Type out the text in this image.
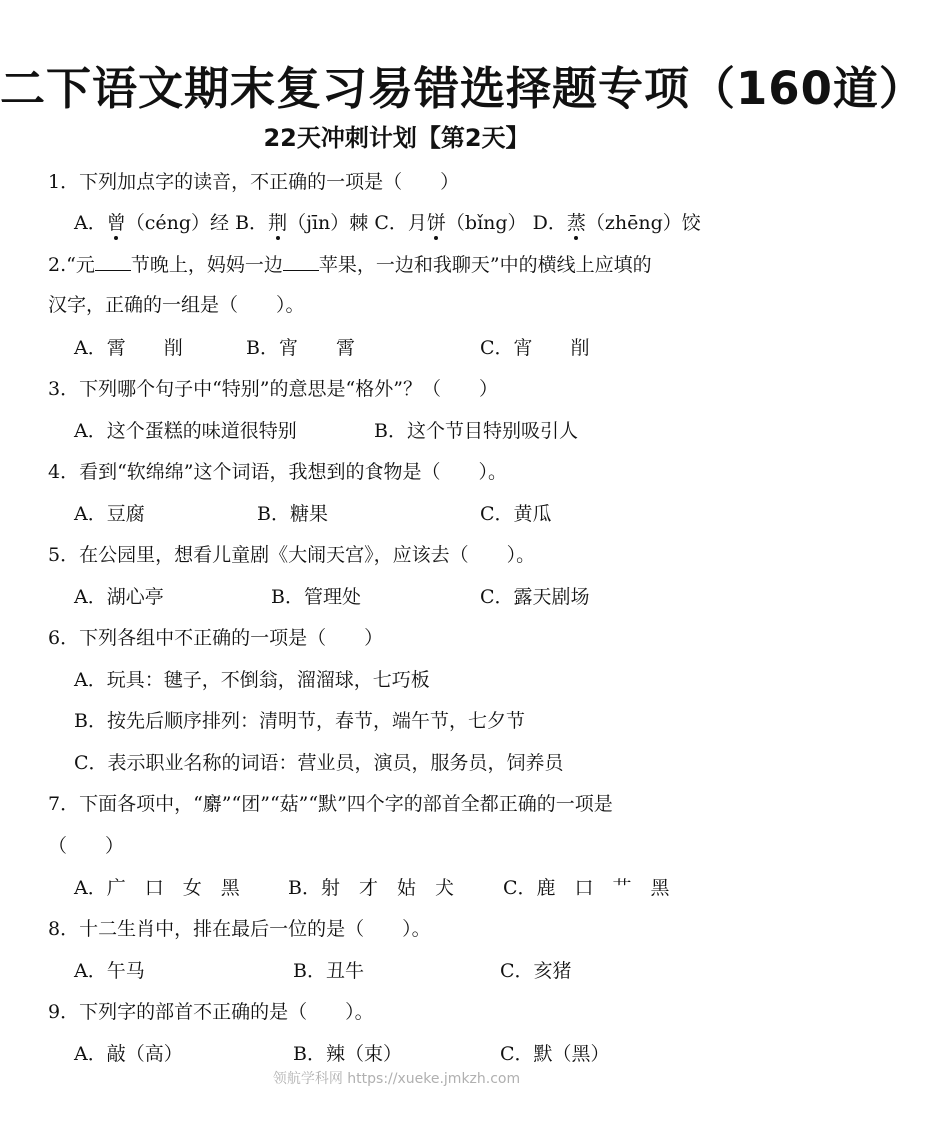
二下语文期末复习易错选择题专项（160道）
22天冲刺计划【第2天】
1．下列加点字的读音，不正确的一项是（　　）
A．曾（céng）经 B．荆（jīn）棘 C．月饼（bǐng） D．蒸（zhēng）饺
2.“元 节晚上，妈妈一边 苹果，一边和我聊天”中的横线上应填的
汉字，正确的一组是（　　）。
A．霄　　削	B．宵　　霄	C．宵　　削
3．下列哪个句子中“特别”的意思是“格外”？（　　）
A．这个蛋糕的味道很特别	B．这个节目特别吸引人
4．看到“软绵绵”这个词语，我想到的食物是（　　）。
A．豆腐	B．糖果	C．黄瓜
5．在公园里，想看儿童剧《大闹天宫》，应该去（　　）。
A．湖心亭	B．管理处	C．露天剧场
6．下列各组中不正确的一项是（　　）
A．玩具：毽子，不倒翁，溜溜球，七巧板
B．按先后顺序排列：清明节，春节，端午节，七夕节
C．表示职业名称的词语：营业员，演员，服务员，饲养员
7．下面各项中，“麝”“团”“菇”“默”四个字的部首全都正确的一项是
（　　）
A．广　口　女　黑	B．射　才　姑　犬	C．鹿　口　艹　黑
8．十二生肖中，排在最后一位的是（　　）。
A．午马	B．丑牛	C．亥猪
9．下列字的部首不正确的是（　　）。
A．敲（高）	B．辣（束）	C．默（黑）
领航学科网 https://xueke.jmkzh.com
